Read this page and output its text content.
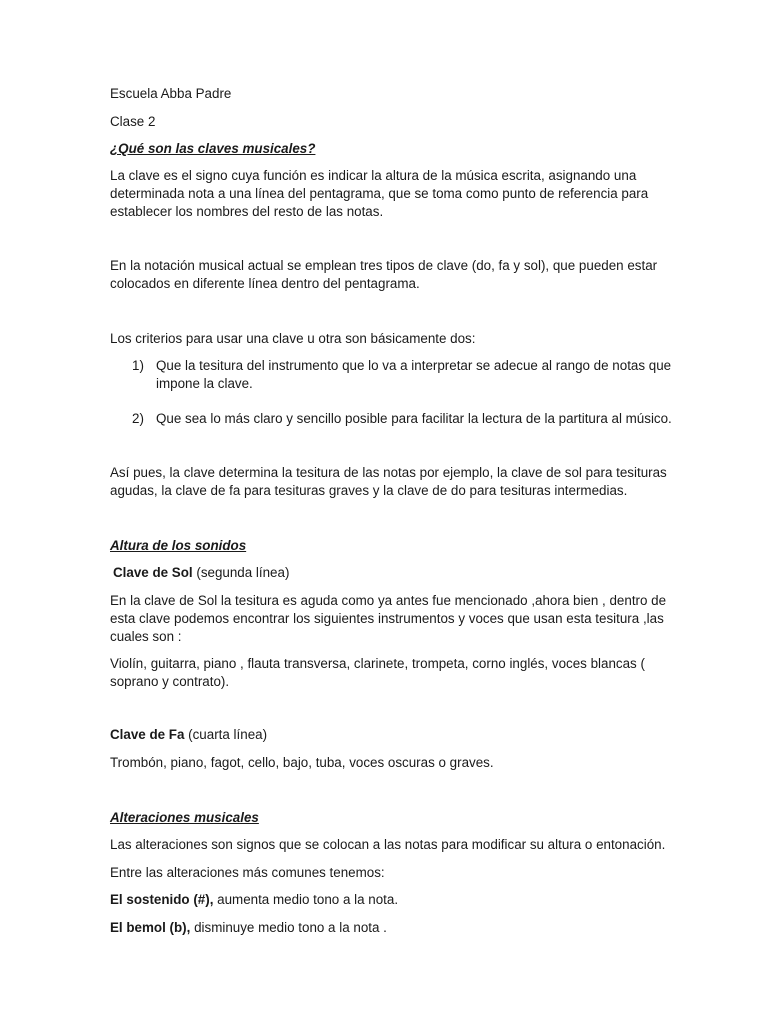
Escuela Abba Padre

Clase 2

¿Qué son las claves musicales?

La clave es el signo cuya función es indicar la altura de la música escrita, asignando una

determinada nota a una línea del pentagrama, que se toma como punto de referencia para

establecer los nombres del resto de las notas.

En la notación musical actual se emplean tres tipos de clave (do, fa y sol), que pueden estar

colocados en diferente línea dentro del pentagrama.

Los criterios para usar una clave u otra son básicamente dos:

1) Que la tesitura del instrumento que lo va a interpretar se adecue al rango de notas que
impone la clave.
2) Que sea lo más claro y sencillo posible para facilitar la lectura de la partitura al músico.

Así pues, la clave determina la tesitura de las notas por ejemplo, la clave de sol para tesituras

agudas, la clave de fa para tesituras graves y la clave de do para tesituras intermedias.

Altura de los sonidos

Clave de Sol (segunda línea)

En la clave de Sol la tesitura es aguda como ya antes fue mencionado ,ahora bien , dentro de

esta clave podemos encontrar los siguientes instrumentos y voces que usan esta tesitura ,las

cuales son :

Violín, guitarra, piano , flauta transversa, clarinete, trompeta, corno inglés, voces blancas (

soprano y contrato).

Clave de Fa (cuarta línea)

Trombón, piano, fagot, cello, bajo, tuba, voces oscuras o graves.

Alteraciones musicales

Las alteraciones son signos que se colocan a las notas para modificar su altura o entonación.

Entre las alteraciones más comunes tenemos:

El sostenido (#), aumenta medio tono a la nota.

El bemol (b), disminuye medio tono a la nota .
